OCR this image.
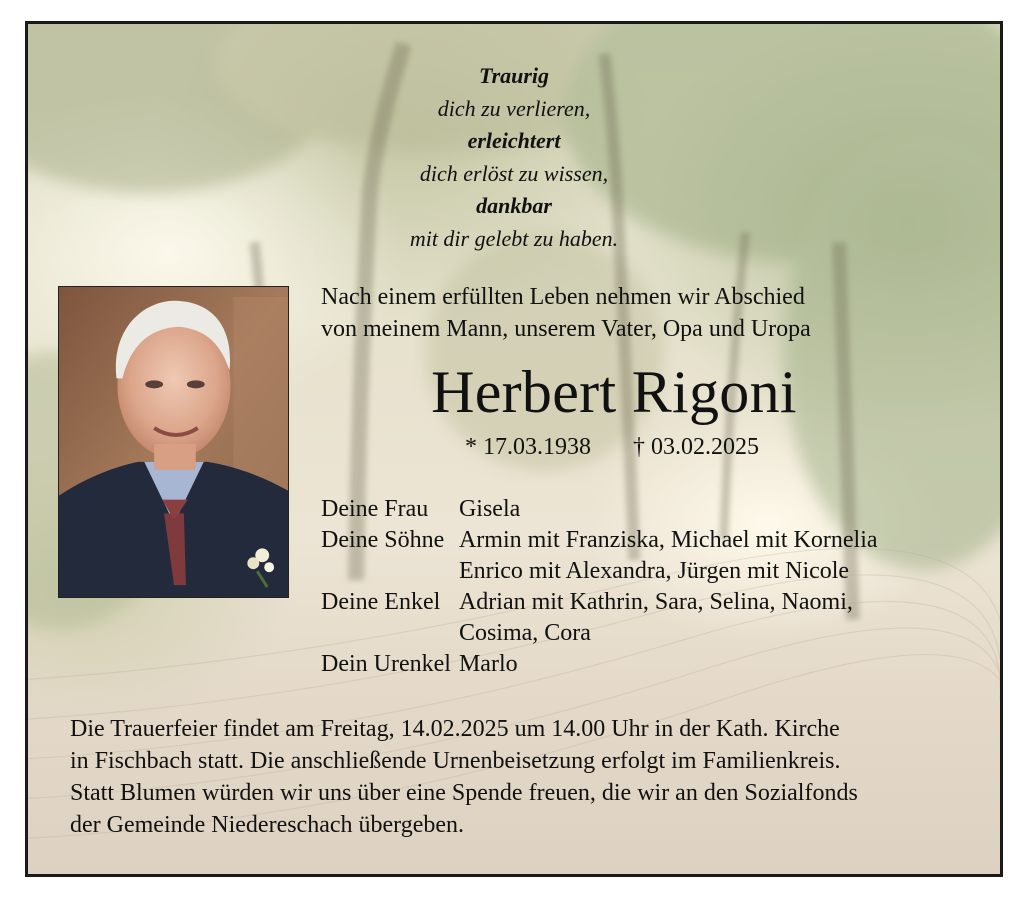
Traurig
dich zu verlieren,
erleichtert
dich erlöst zu wissen,
dankbar
mit dir gelebt zu haben.
Nach einem erfüllten Leben nehmen wir Abschied
von meinem Mann, unserem Vater, Opa und Uropa
Herbert Rigoni
* 17.03.1938 † 03.02.2025
Deine Frau	Gisela

Deine Söhne	Armin mit Franziska, Michael mit Kornelia
Enrico mit Alexandra, Jürgen mit Nicole

Deine Enkel	Adrian mit Kathrin, Sara, Selina, Naomi,
Cosima, Cora

Dein Urenkel	Marlo
Die Trauerfeier findet am Freitag, 14.02.2025 um 14.00 Uhr in der Kath. Kirche
in Fischbach statt. Die anschließende Urnenbeisetzung erfolgt im Familienkreis.
Statt Blumen würden wir uns über eine Spende freuen, die wir an den Sozialfonds
der Gemeinde Niedereschach übergeben.
